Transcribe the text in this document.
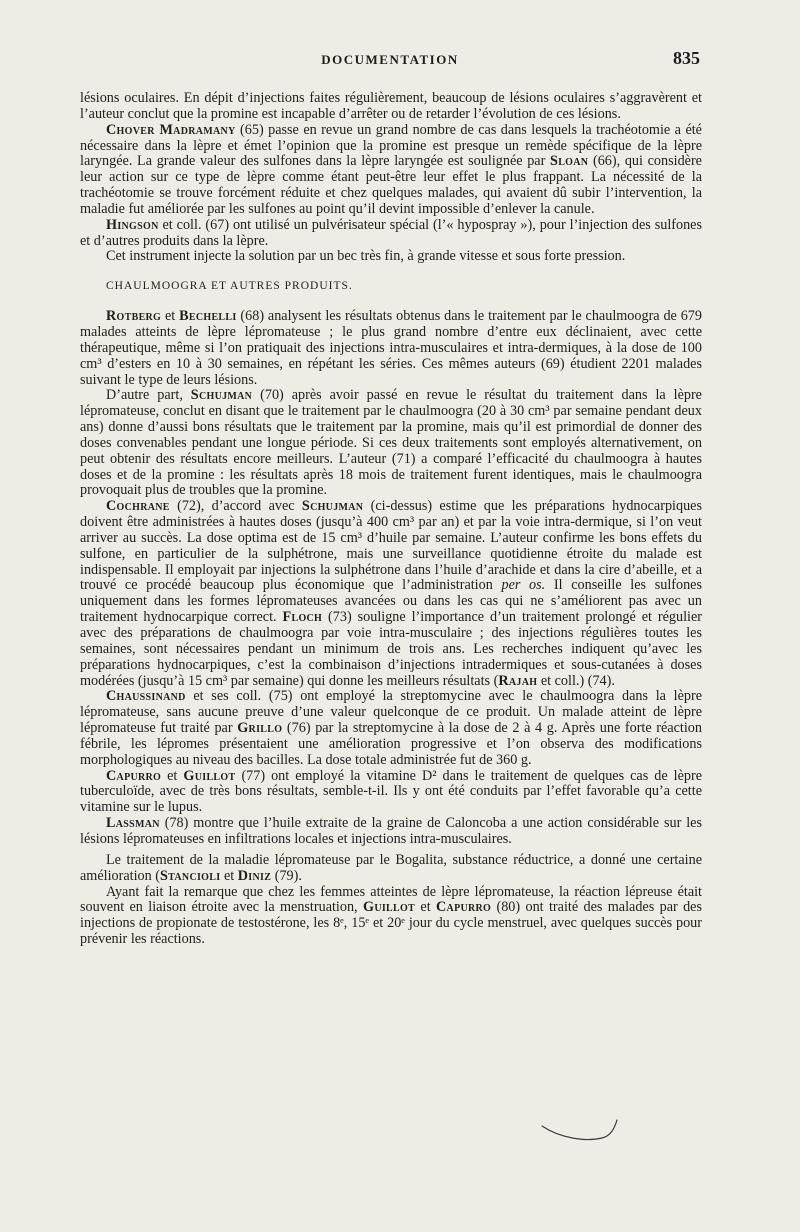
DOCUMENTATION	835

lésions oculaires. En dépit d’injections faites régulièrement, beaucoup de lésions oculaires s’aggravèrent et l’auteur conclut que la promine est incapable d’arrêter ou de retarder l’évolution de ces lésions.

Chover Madramany (65) passe en revue un grand nombre de cas dans lesquels la trachéotomie a été nécessaire dans la lèpre et émet l’opinion que la promine est presque un remède spécifique de la lèpre laryngée. La grande valeur des sulfones dans la lèpre laryngée est soulignée par Sloan (66), qui considère leur action sur ce type de lèpre comme étant peut-être leur effet le plus frappant. La nécessité de la trachéotomie se trouve forcément réduite et chez quelques malades, qui avaient dû subir l’intervention, la maladie fut améliorée par les sulfones au point qu’il devint impossible d’enlever la canule.

Hingson et coll. (67) ont utilisé un pulvérisateur spécial (l’« hypospray »), pour l’injection des sulfones et d’autres produits dans la lèpre.

Cet instrument injecte la solution par un bec très fin, à grande vitesse et sous forte pression.

CHAULMOOGRA ET AUTRES PRODUITS.

Rotberg et Bechelli (68) analysent les résultats obtenus dans le traitement par le chaulmoogra de 679 malades atteints de lèpre lépromateuse ; le plus grand nombre d’entre eux déclinaient, avec cette thérapeutique, même si l’on pratiquait des injections intra-musculaires et intra-dermiques, à la dose de 100 cm³ d’esters en 10 à 30 semaines, en répétant les séries. Ces mêmes auteurs (69) étudient 2201 malades suivant le type de leurs lésions.

D’autre part, Schujman (70) après avoir passé en revue le résultat du traitement dans la lèpre lépromateuse, conclut en disant que le traitement par le chaulmoogra (20 à 30 cm³ par semaine pendant deux ans) donne d’aussi bons résultats que le traitement par la promine, mais qu’il est primordial de donner des doses convenables pendant une longue période. Si ces deux traitements sont employés alternativement, on peut obtenir des résultats encore meilleurs. L’auteur (71) a comparé l’efficacité du chaulmoogra à hautes doses et de la promine : les résultats après 18 mois de traitement furent identiques, mais le chaulmoogra provoquait plus de troubles que la promine.

Cochrane (72), d’accord avec Schujman (ci-dessus) estime que les préparations hydnocarpiques doivent être administrées à hautes doses (jusqu’à 400 cm³ par an) et par la voie intra-dermique, si l’on veut arriver au succès. La dose optima est de 15 cm³ d’huile par semaine. L’auteur confirme les bons effets du sulfone, en particulier de la sulphétrone, mais une surveillance quotidienne étroite du malade est indispensable. Il employait par injections la sulphétrone dans l’huile d’arachide et dans la cire d’abeille, et a trouvé ce procédé beaucoup plus économique que l’administration per os. Il conseille les sulfones uniquement dans les formes lépromateuses avancées ou dans les cas qui ne s’améliorent pas avec un traitement hydnocarpique correct. Floch (73) souligne l’importance d’un traitement prolongé et régulier avec des préparations de chaulmoogra par voie intra-musculaire ; des injections régulières toutes les semaines, sont nécessaires pendant un minimum de trois ans. Les recherches indiquent qu’avec les préparations hydnocarpiques, c’est la combinaison d’injections intradermiques et sous-cutanées à doses modérées (jusqu’à 15 cm³ par semaine) qui donne les meilleurs résultats (Rajah et coll.) (74).

Chaussinand et ses coll. (75) ont employé la streptomycine avec le chaulmoogra dans la lèpre lépromateuse, sans aucune preuve d’une valeur quelconque de ce produit. Un malade atteint de lèpre lépromateuse fut traité par Grillo (76) par la streptomycine à la dose de 2 à 4 g. Après une forte réaction fébrile, les lépromes présentaient une amélioration progressive et l’on observa des modifications morphologiques au niveau des bacilles. La dose totale administrée fut de 360 g.

Capurro et Guillot (77) ont employé la vitamine D² dans le traitement de quelques cas de lèpre tuberculoïde, avec de très bons résultats, semble-t-il. Ils y ont été conduits par l’effet favorable qu’a cette vitamine sur le lupus.

Lassman (78) montre que l’huile extraite de la graine de Caloncoba a une action considérable sur les lésions lépromateuses en infiltrations locales et injections intra-musculaires.

Le traitement de la maladie lépromateuse par le Bogalita, substance réductrice, a donné une certaine amélioration (Stancioli et Diniz (79).

Ayant fait la remarque que chez les femmes atteintes de lèpre lépromateuse, la réaction lépreuse était souvent en liaison étroite avec la menstruation, Guillot et Capurro (80) ont traité des malades par des injections de propionate de testostérone, les 8ᵉ, 15ᵉ et 20ᵉ jour du cycle menstruel, avec quelques succès pour prévenir les réactions.
